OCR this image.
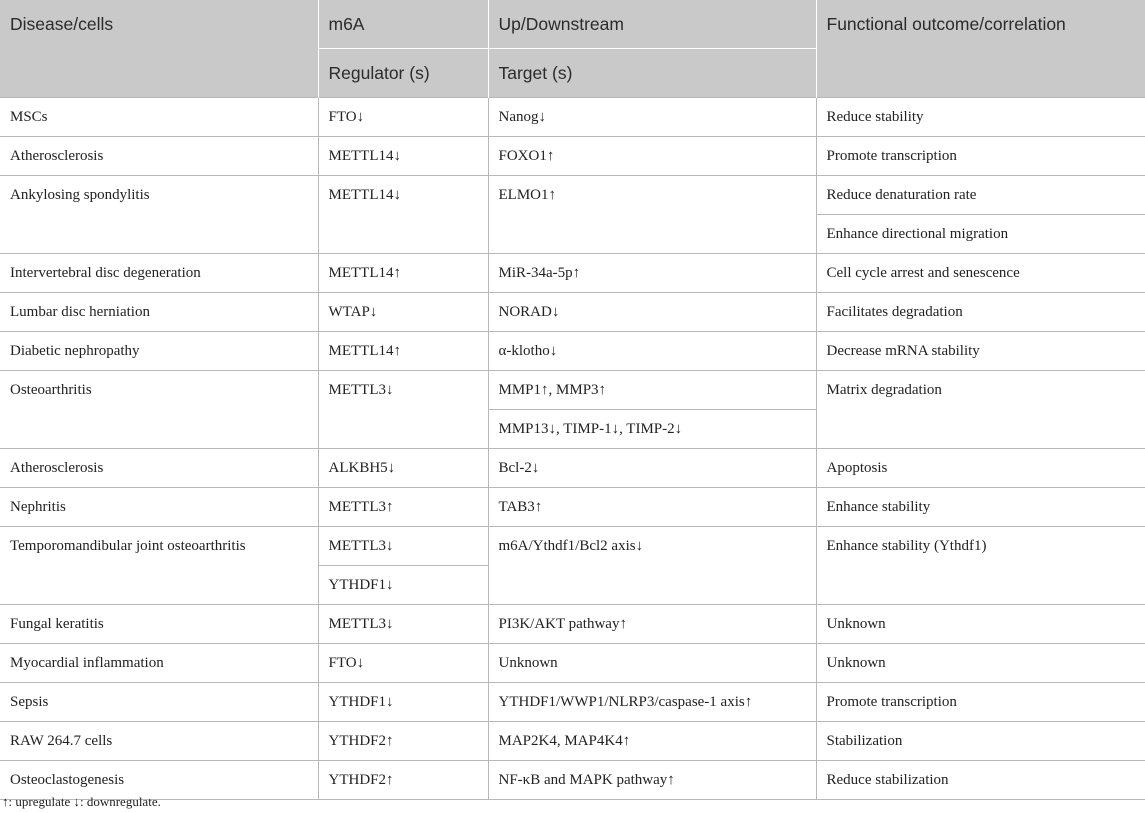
Disease/cells	m6A	Up/Downstream	Functional outcome/correlation
	Regulator (s)	Target (s)	
MSCs	FTO↓	Nanog↓	Reduce stability
Atherosclerosis	METTL14↓	FOXO1↑	Promote transcription
Ankylosing spondylitis	METTL14↓	ELMO1↑	Reduce denaturation rate
			Enhance directional migration
Intervertebral disc degeneration	METTL14↑	MiR-34a-5p↑	Cell cycle arrest and senescence
Lumbar disc herniation	WTAP↓	NORAD↓	Facilitates degradation
Diabetic nephropathy	METTL14↑	α-klotho↓	Decrease mRNA stability
Osteoarthritis	METTL3↓	MMP1↑, MMP3↑	Matrix degradation
		MMP13↓, TIMP-1↓, TIMP-2↓	
Atherosclerosis	ALKBH5↓	Bcl-2↓	Apoptosis
Nephritis	METTL3↑	TAB3↑	Enhance stability
Temporomandibular joint osteoarthritis	METTL3↓	m6A/Ythdf1/Bcl2 axis↓	Enhance stability (Ythdf1)
	YTHDF1↓		
Fungal keratitis	METTL3↓	PI3K/AKT pathway↑	Unknown
Myocardial inflammation	FTO↓	Unknown	Unknown
Sepsis	YTHDF1↓	YTHDF1/WWP1/NLRP3/caspase-1 axis↑	Promote transcription
RAW 264.7 cells	YTHDF2↑	MAP2K4, MAP4K4↑	Stabilization
Osteoclastogenesis	YTHDF2↑	NF-κB and MAPK pathway↑	Reduce stabilization
↑: upregulate ↓: downregulate.
